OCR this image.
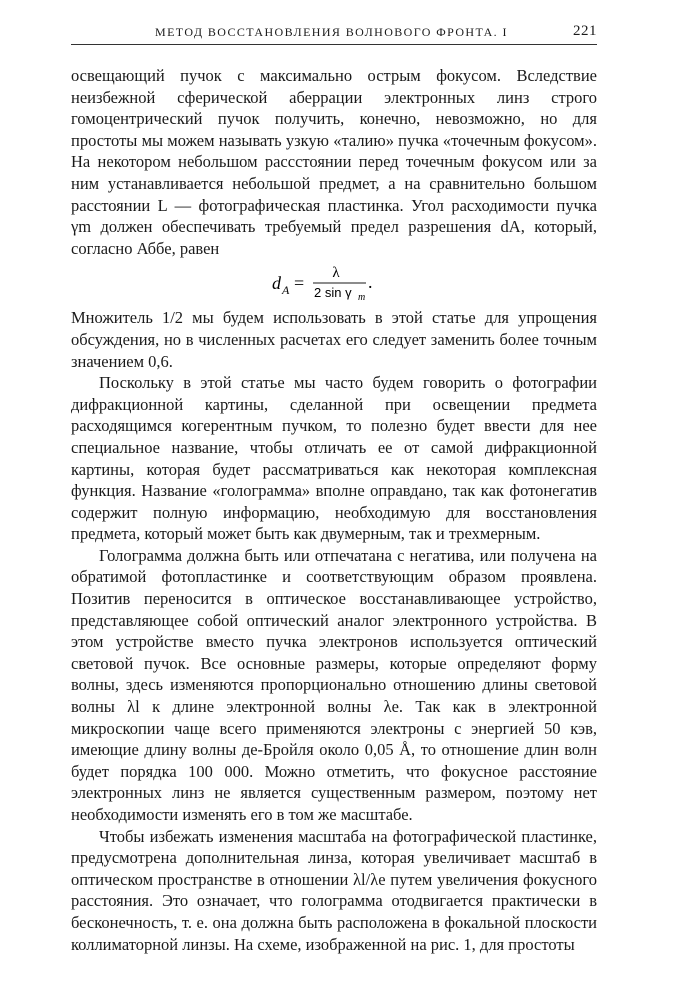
МЕТОД ВОССТАНОВЛЕНИЯ ВОЛНОВОГО ФРОНТА. I	221

освещающий пучок с максимально острым фокусом. Вследствие неизбежной сферической аберрации электронных линз строго гомоцентрический пучок получить, конечно, невозможно, но для простоты мы можем называть узкую «талию» пучка «точечным фокусом». На некотором небольшом расcстоянии перед точечным фокусом или за ним устанавливается небольшой предмет, а на сравнительно большом расстоянии L — фотографическая пластинка. Угол расходимости пучка γm должен обеспечивать требуемый предел разрешения dA, который, согласно Аббе, равен

d A = λ
2 sin γ m
.

Множитель 1/2 мы будем использовать в этой статье для упрощения обсуждения, но в численных расчетах его следует заменить более точным значением 0,6.

Поскольку в этой статье мы часто будем говорить о фотографии дифракционной картины, сделанной при освещении предмета расходящимся когерентным пучком, то полезно будет ввести для нее специальное название, чтобы отличать ее от самой дифракционной картины, которая будет рассматриваться как некоторая комплексная функция. Название «голограмма» вполне оправдано, так как фотонегатив содержит полную информацию, необходимую для восстановления предмета, который может быть как двумерным, так и трехмерным.

Голограмма должна быть или отпечатана с негатива, или получена на обратимой фотопластинке и соответствующим образом проявлена. Позитив переносится в оптическое восстанавливающее устройство, представляющее собой оптический аналог электронного устройства. В этом устройстве вместо пучка электронов используется оптический световой пучок. Все основные размеры, которые определяют форму волны, здесь изменяются пропорционально отношению длины световой волны λl к длине электронной волны λe. Так как в электронной микроскопии чаще всего применяются электроны с энергией 50 кэв, имеющие длину волны де-Бройля около 0,05 Å, то отношение длин волн будет порядка 100 000. Можно отметить, что фокусное расстояние электронных линз не является существенным размером, поэтому нет необходимости изменять его в том же масштабе.

Чтобы избежать изменения масштаба на фотографической пластинке, предусмотрена дополнительная линза, которая увеличивает масштаб в оптическом пространстве в отношении λl/λe путем увеличения фокусного расстояния. Это означает, что голограмма отодвигается практически в бесконечность, т. е. она должна быть расположена в фокальной плоскости коллиматорной линзы. На схеме, изображенной на рис. 1, для простоты
